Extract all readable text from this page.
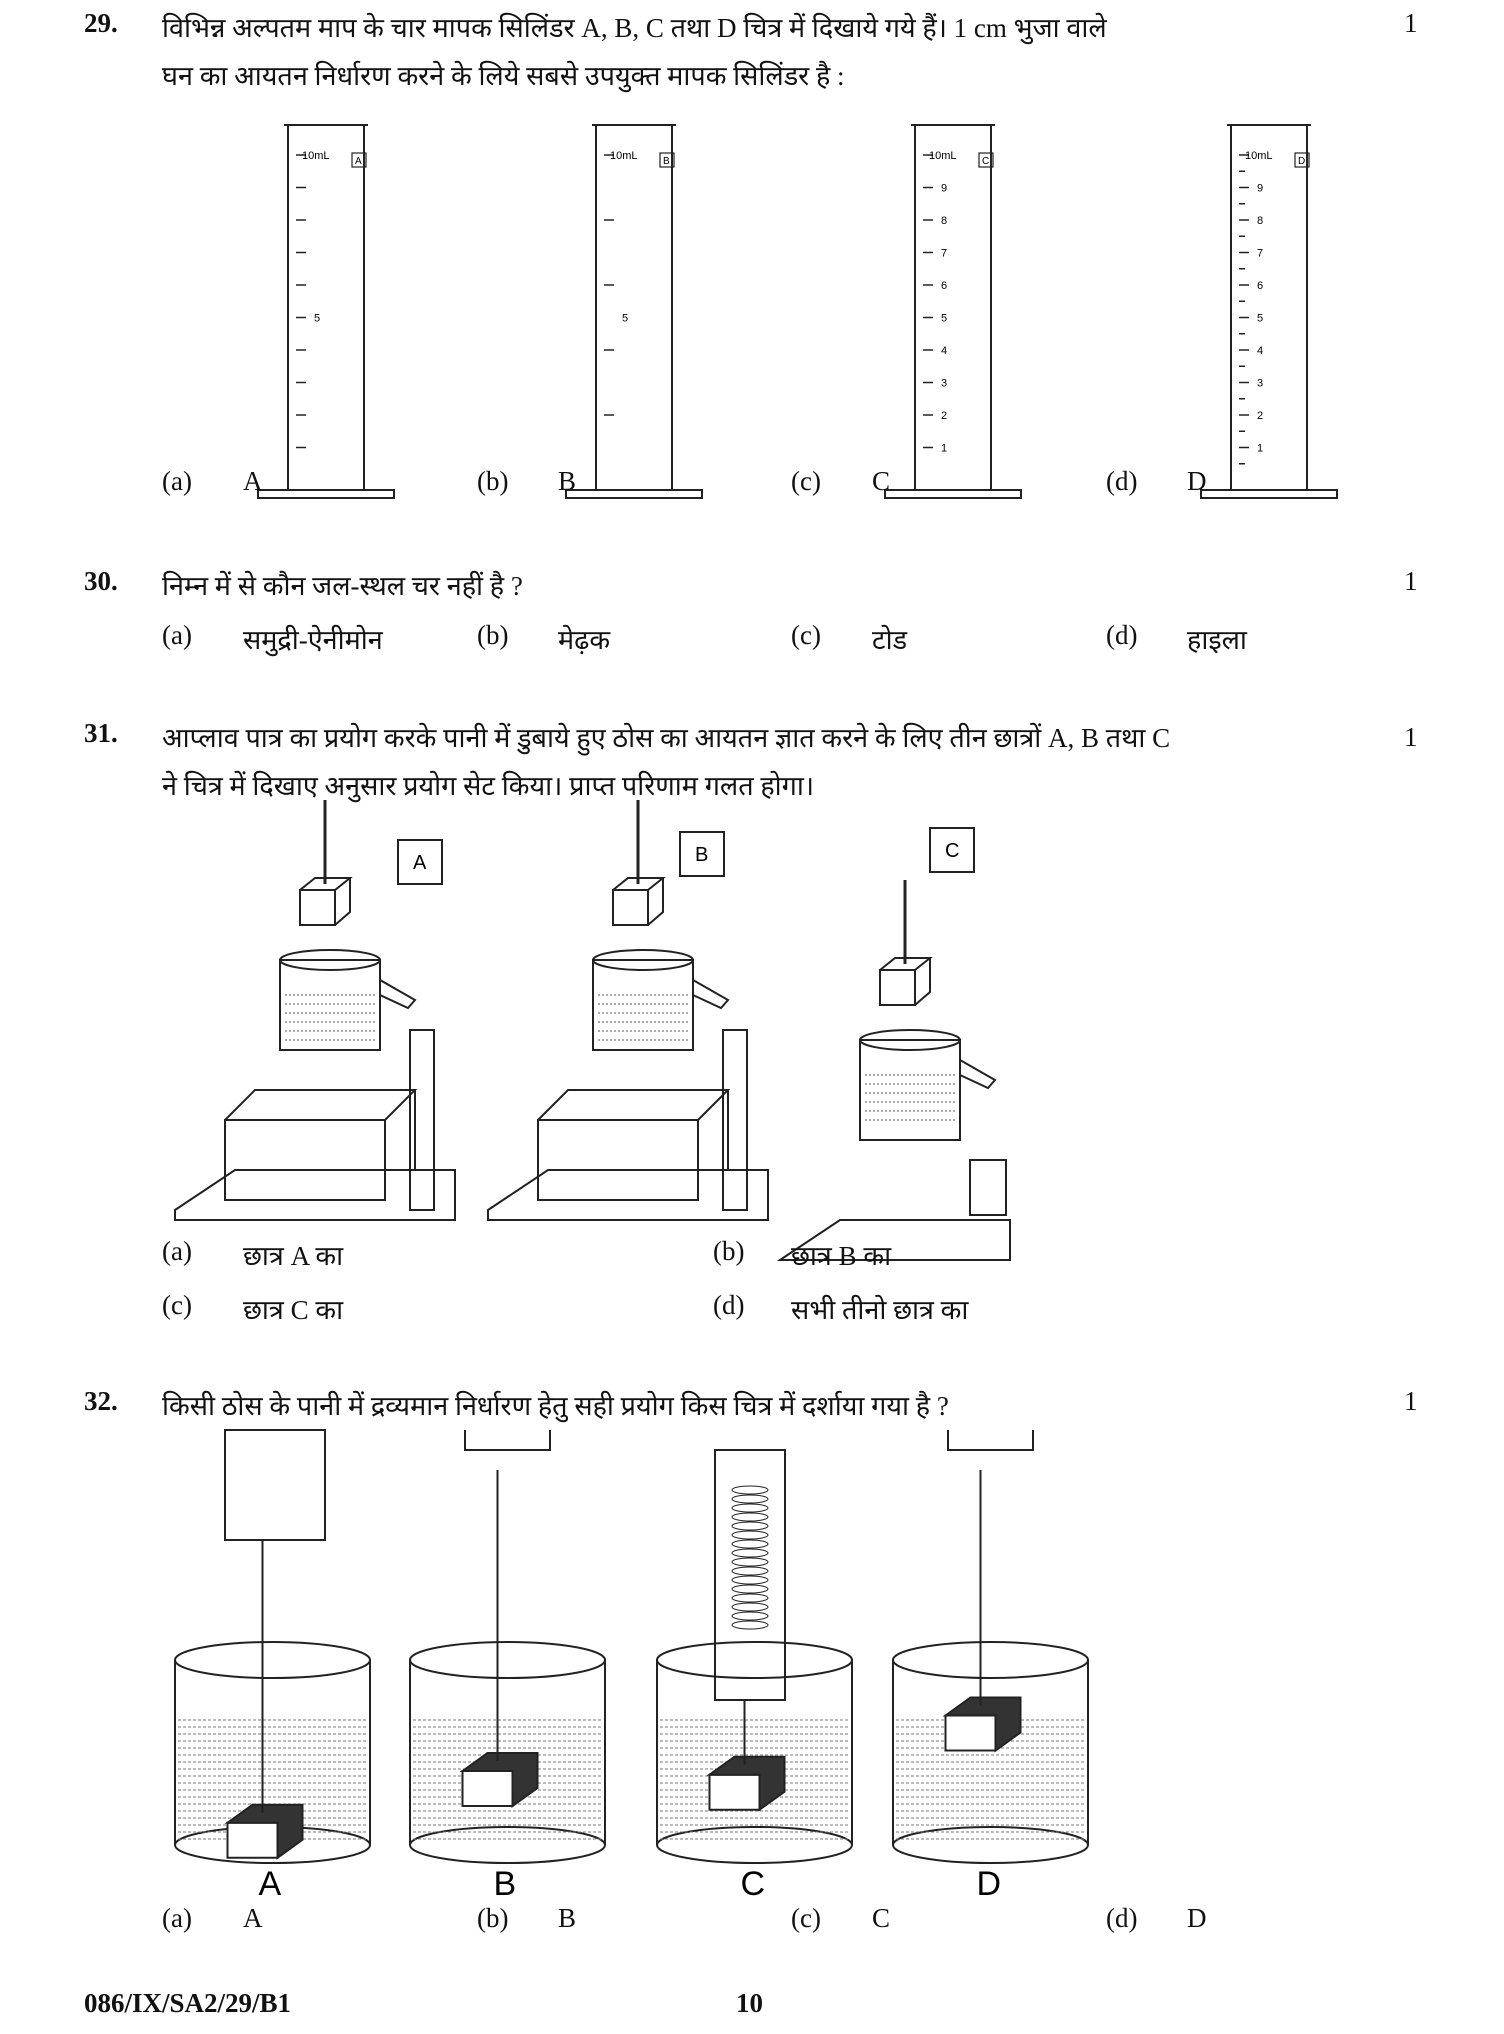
29. विभिन्न अल्पतम माप के चार मापक सिलिंडर A, B, C तथा D चित्र में दिखाये गये हैं। 1 cm भुजा वाले
घन का आयतन निर्धारण करने के लिये सबसे उपयुक्त मापक सिलिंडर है :
1
10mL	A
5
10mL	B
5
10mL	C
9
8
7
6
5
4
3
2
1
10mL	D
9
8
7
6
5
4
3
2
1
(a) A	(b) B	(c) C	(d) D
30. निम्न में से कौन जल-स्थल चर नहीं है ?	1
(a) समुद्री-ऐनीमोन	(b) मेढ़क	(c) टोड	(d) हाइला
31. आप्लाव पात्र का प्रयोग करके पानी में डुबाये हुए ठोस का आयतन ज्ञात करने के लिए तीन छात्रों A, B तथा C
ने चित्र में दिखाए अनुसार प्रयोग सेट किया। प्राप्त परिणाम गलत होगा।
1
A	B	C
(a) छात्र A का	(b) छात्र B का
(c) छात्र C का	(d) सभी तीनो छात्र का
32. किसी ठोस के पानी में द्रव्यमान निर्धारण हेतु सही प्रयोग किस चित्र में दर्शाया गया है ?	1
A	B	C	D
(a) A	(b) B	(c) C	(d) D
086/IX/SA2/29/B1	10
